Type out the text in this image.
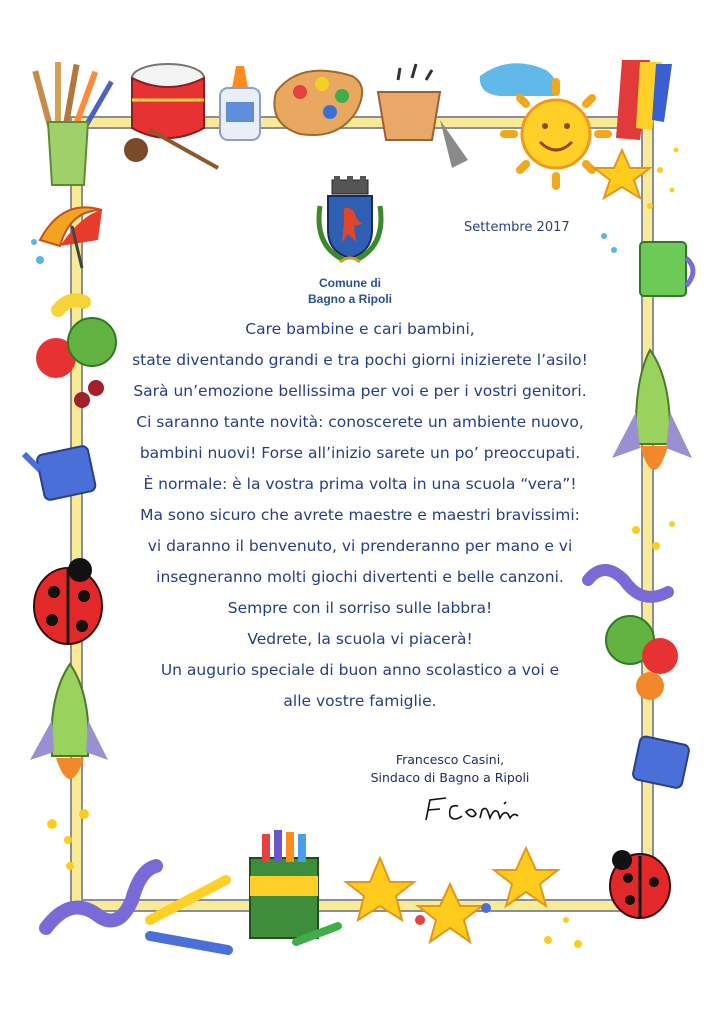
Comune di
Bagno a Ripoli
Settembre 2017
Care bambine e cari bambini,
state diventando grandi e tra pochi giorni inizierete l’asilo!
Sarà un’emozione bellissima per voi e per i vostri genitori.
Ci saranno tante novità: conoscerete un ambiente nuovo,
bambini nuovi! Forse all’inizio sarete un po’ preoccupati.
È normale: è la vostra prima volta in una scuola “vera”!
Ma sono sicuro che avrete maestre e maestri bravissimi:
vi daranno il benvenuto, vi prenderanno per mano e vi
insegneranno molti giochi divertenti e belle canzoni.
Sempre con il sorriso sulle labbra!
Vedrete, la scuola vi piacerà!
Un augurio speciale di buon anno scolastico a voi e
alle vostre famiglie.
Francesco Casini,
Sindaco di Bagno a Ripoli
